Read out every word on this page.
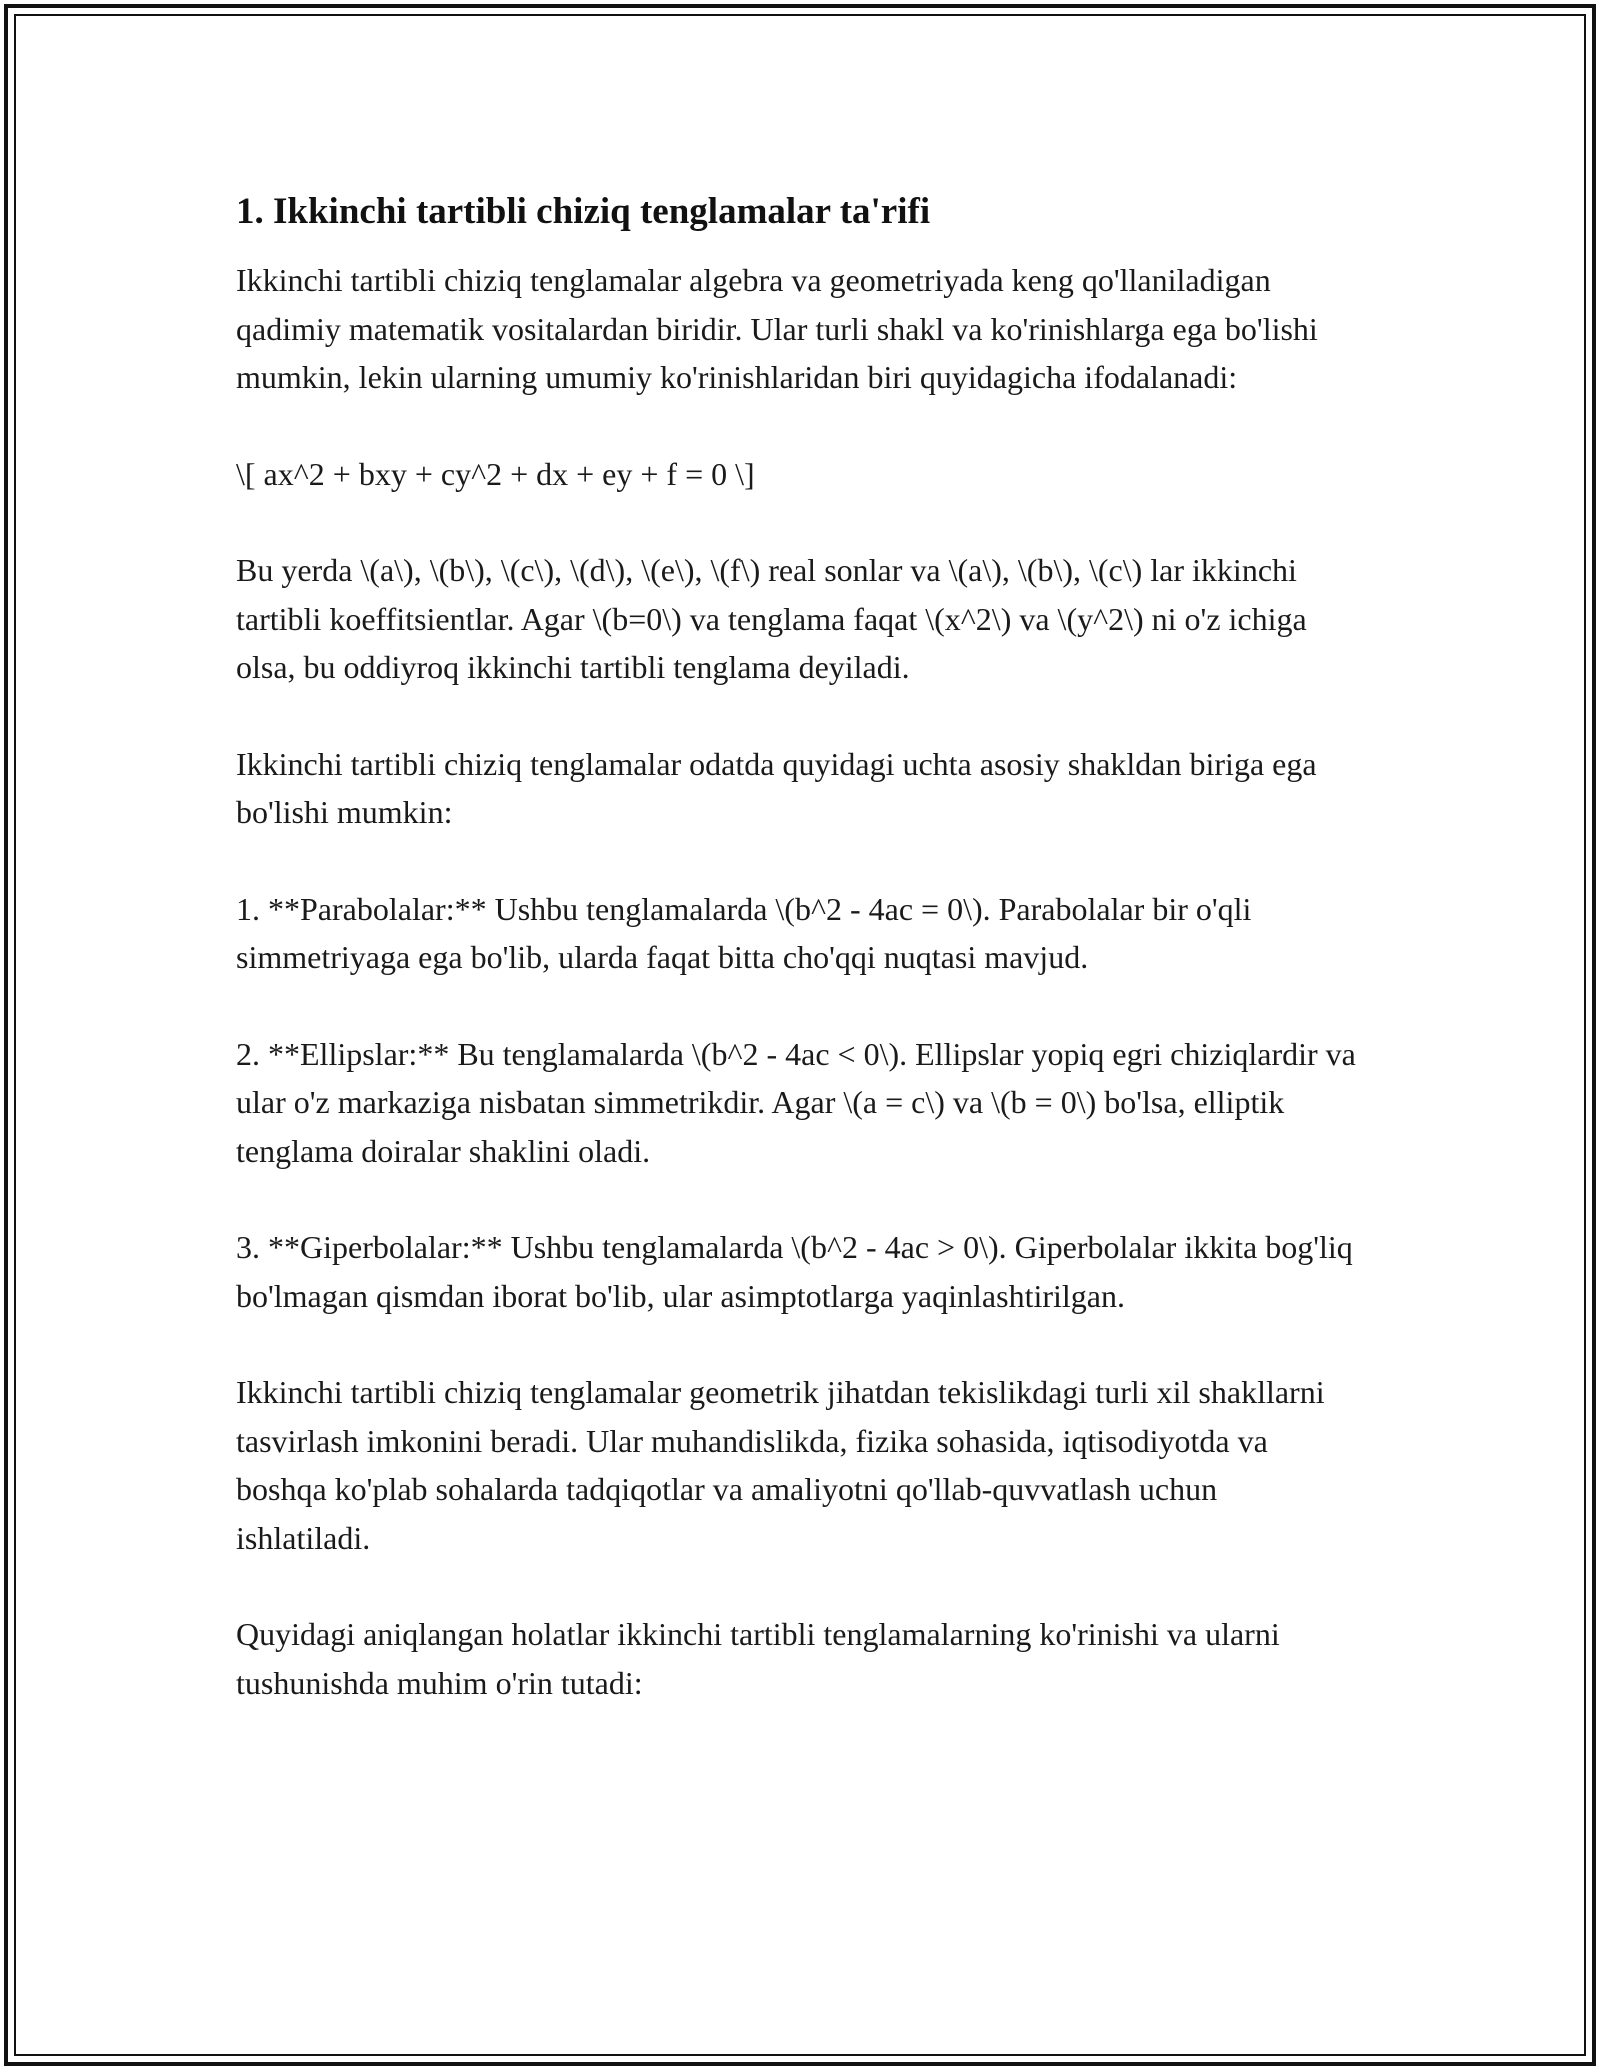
1. Ikkinchi tartibli chiziq tenglamalar ta'rifi

Ikkinchi tartibli chiziq tenglamalar algebra va geometriyada keng qo'llaniladigan qadimiy matematik vositalardan biridir. Ular turli shakl va ko'rinishlarga ega bo'lishi mumkin, lekin ularning umumiy ko'rinishlaridan biri quyidagicha ifodalanadi:

\[ ax^2 + bxy + cy^2 + dx + ey + f = 0 \]

Bu yerda \(a\), \(b\), \(c\), \(d\), \(e\), \(f\) real sonlar va \(a\), \(b\), \(c\) lar ikkinchi tartibli koeffitsientlar. Agar \(b=0\) va tenglama faqat \(x^2\) va \(y^2\) ni o'z ichiga olsa, bu oddiyroq ikkinchi tartibli tenglama deyiladi.

Ikkinchi tartibli chiziq tenglamalar odatda quyidagi uchta asosiy shakldan biriga ega bo'lishi mumkin:

1. **Parabolalar:** Ushbu tenglamalarda \(b^2 - 4ac = 0\). Parabolalar bir o'qli simmetriyaga ega bo'lib, ularda faqat bitta cho'qqi nuqtasi mavjud.

2. **Ellipslar:** Bu tenglamalarda \(b^2 - 4ac < 0\). Ellipslar yopiq egri chiziqlardir va ular o'z markaziga nisbatan simmetrikdir. Agar \(a = c\) va \(b = 0\) bo'lsa, elliptik tenglama doiralar shaklini oladi.

3. **Giperbolalar:** Ushbu tenglamalarda \(b^2 - 4ac > 0\). Giperbolalar ikkita bog'liq bo'lmagan qismdan iborat bo'lib, ular asimptotlarga yaqinlashtirilgan.

Ikkinchi tartibli chiziq tenglamalar geometrik jihatdan tekislikdagi turli xil shakllarni tasvirlash imkonini beradi. Ular muhandislikda, fizika sohasida, iqtisodiyotda va boshqa ko'plab sohalarda tadqiqotlar va amaliyotni qo'llab-quvvatlash uchun ishlatiladi.

Quyidagi aniqlangan holatlar ikkinchi tartibli tenglamalarning ko'rinishi va ularni tushunishda muhim o'rin tutadi:
